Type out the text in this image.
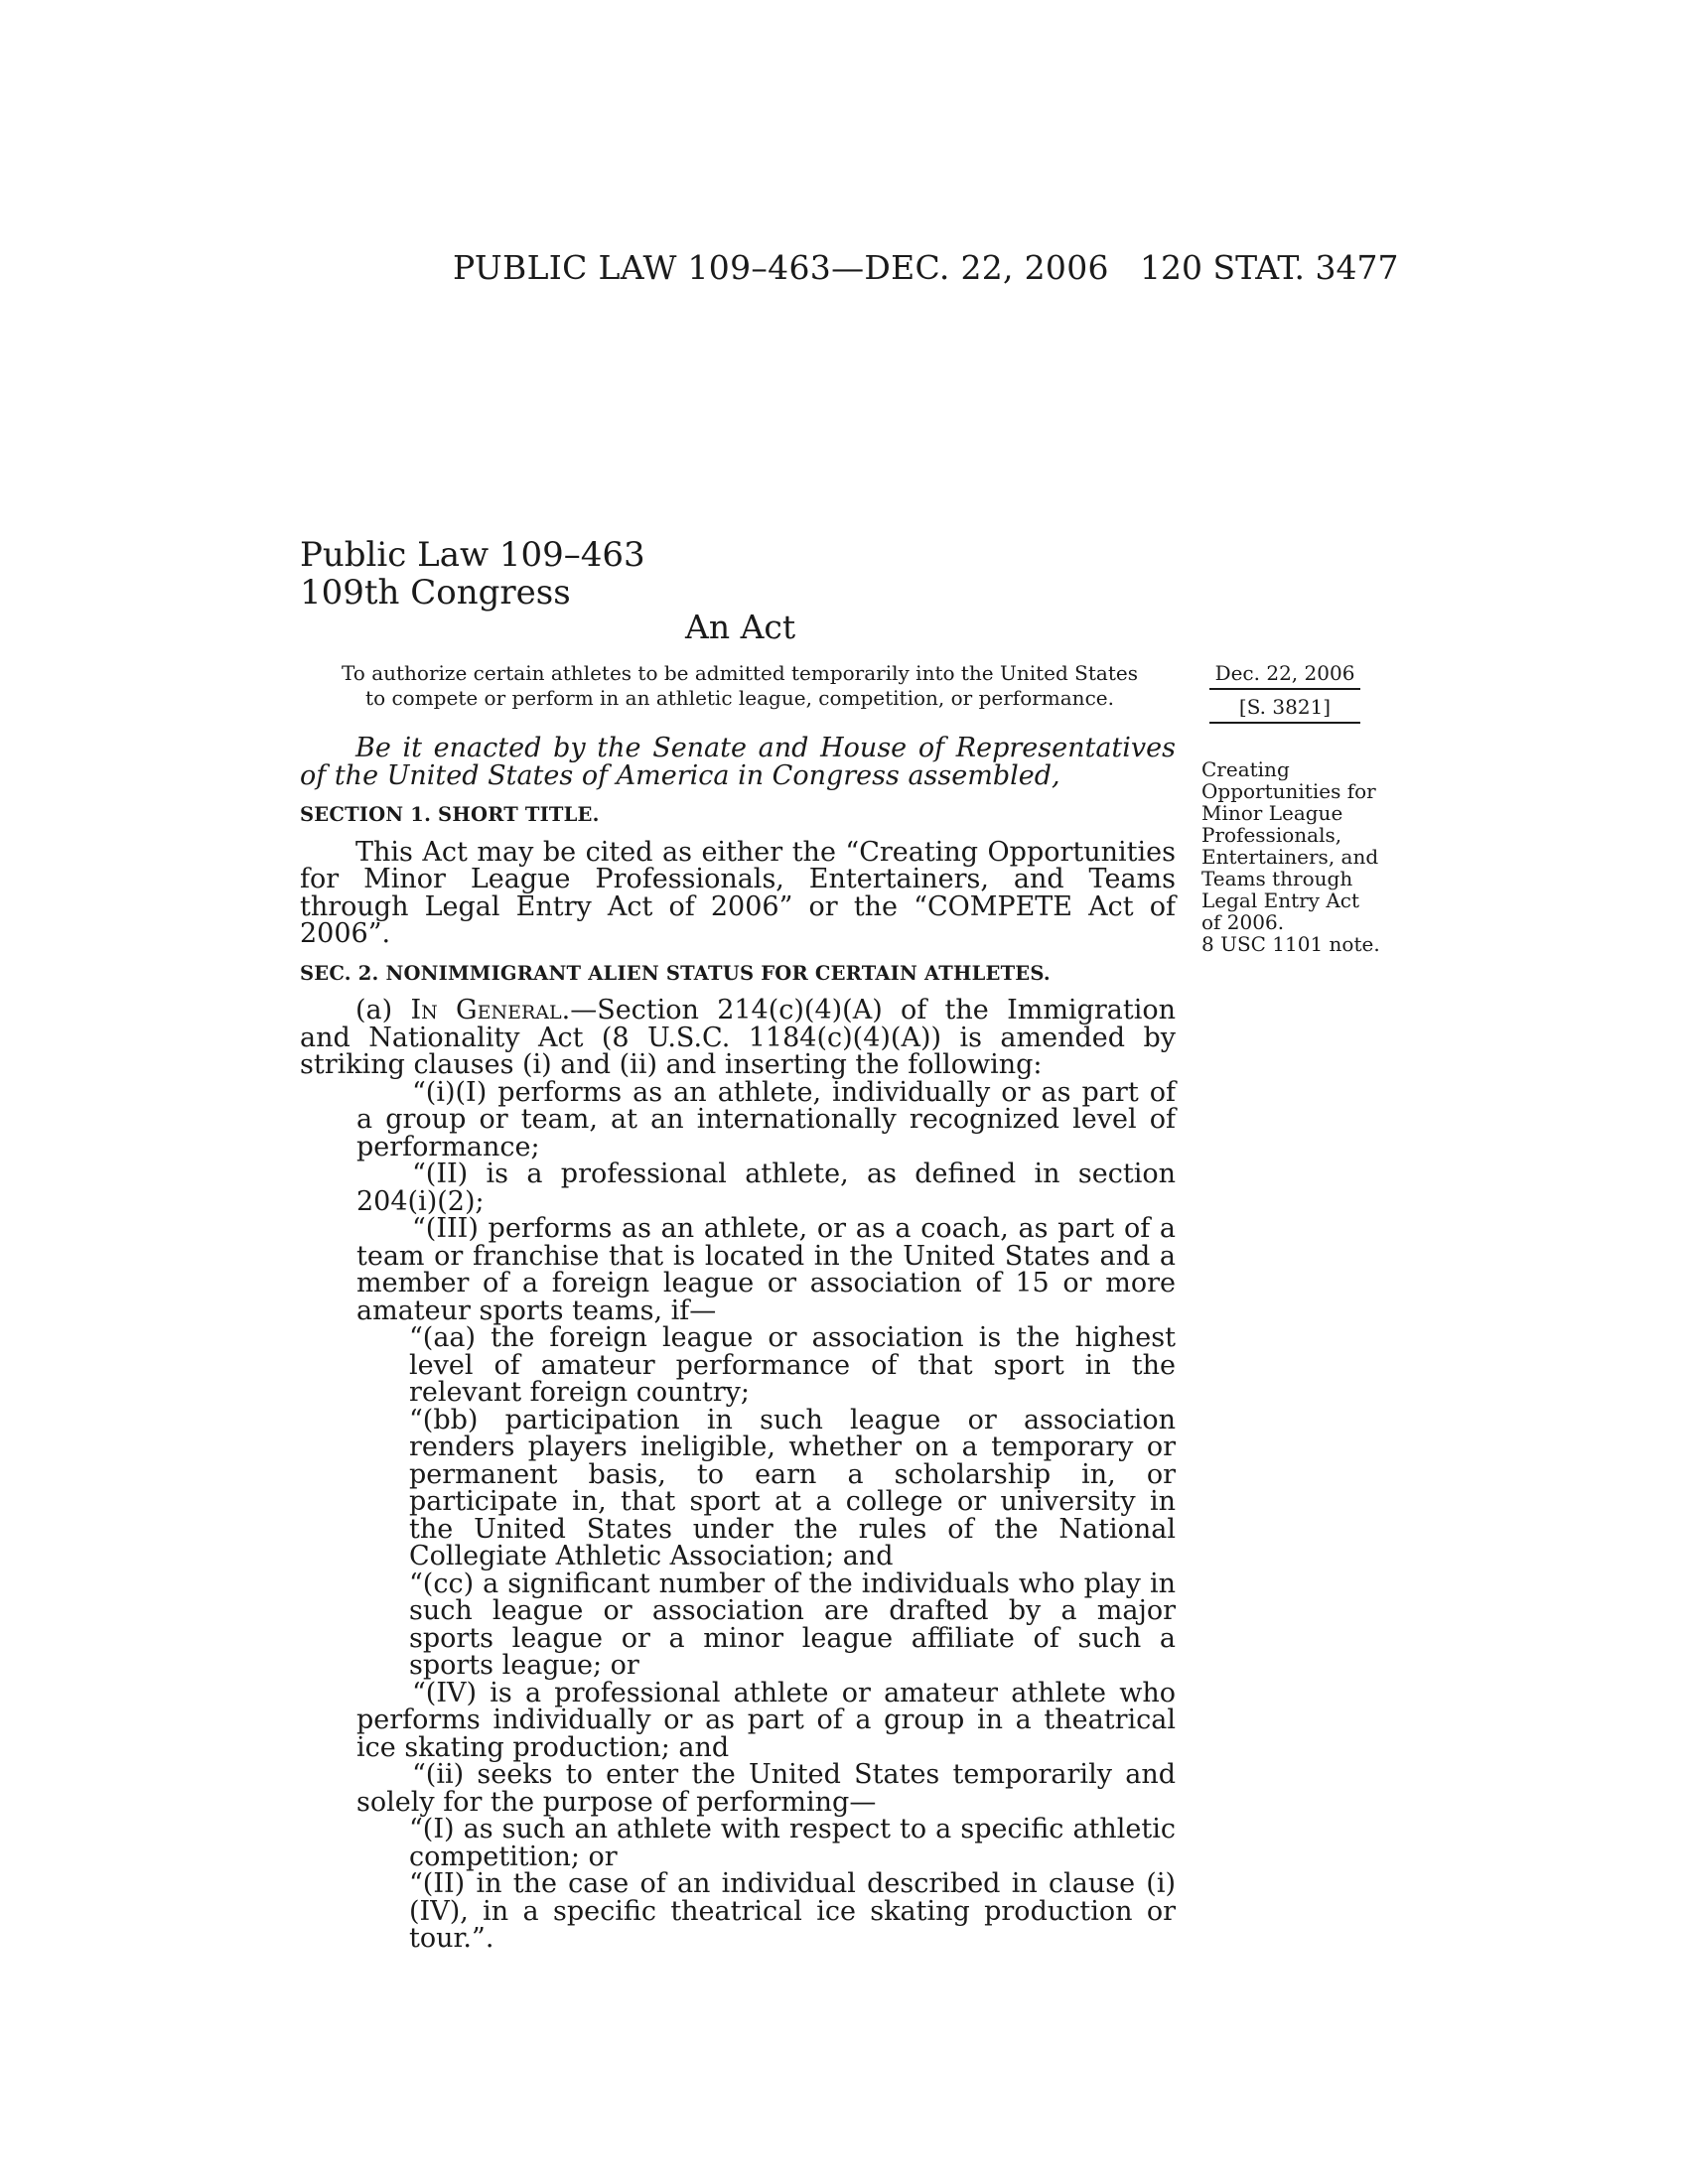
PUBLIC LAW 109–463—DEC. 22, 2006 120 STAT. 3477
Public Law 109–463
109th Congress
An Act
To authorize certain athletes to be admitted temporarily into the United States to compete or perform in an athletic league, competition, or performance.
Dec. 22, 2006
[S. 3821]
Creating
Opportunities for
Minor League
Professionals,
Entertainers, and
Teams through
Legal Entry Act
of 2006.
8 USC 1101 note.

Be it enacted by the Senate and House of Representatives of the United States of America in Congress assembled,

SECTION 1. SHORT TITLE.

This Act may be cited as either the “Creating Opportunities for Minor League Professionals, Entertainers, and Teams through Legal Entry Act of 2006” or the “COMPETE Act of 2006”.

SEC. 2. NONIMMIGRANT ALIEN STATUS FOR CERTAIN ATHLETES.

(a) In General.—Section 214(c)(4)(A) of the Immigration and Nationality Act (8 U.S.C. 1184(c)(4)(A)) is amended by striking clauses (i) and (ii) and inserting the following:

“(i)(I) performs as an athlete, individually or as part of a group or team, at an internationally recognized level of performance;

“(II) is a professional athlete, as defined in section 204(i)(2);

“(III) performs as an athlete, or as a coach, as part of a team or franchise that is located in the United States and a member of a foreign league or association of 15 or more amateur sports teams, if—

“(aa) the foreign league or association is the highest level of amateur performance of that sport in the relevant foreign country;

“(bb) participation in such league or association renders players ineligible, whether on a temporary or permanent basis, to earn a scholarship in, or participate in, that sport at a college or university in the United States under the rules of the National Collegiate Athletic Association; and

“(cc) a significant number of the individuals who play in such league or association are drafted by a major sports league or a minor league affiliate of such a sports league; or

“(IV) is a professional athlete or amateur athlete who performs individually or as part of a group in a theatrical ice skating production; and

“(ii) seeks to enter the United States temporarily and solely for the purpose of performing—

“(I) as such an athlete with respect to a specific athletic competition; or

“(II) in the case of an individual described in clause (i)(IV), in a specific theatrical ice skating production or tour.”.
